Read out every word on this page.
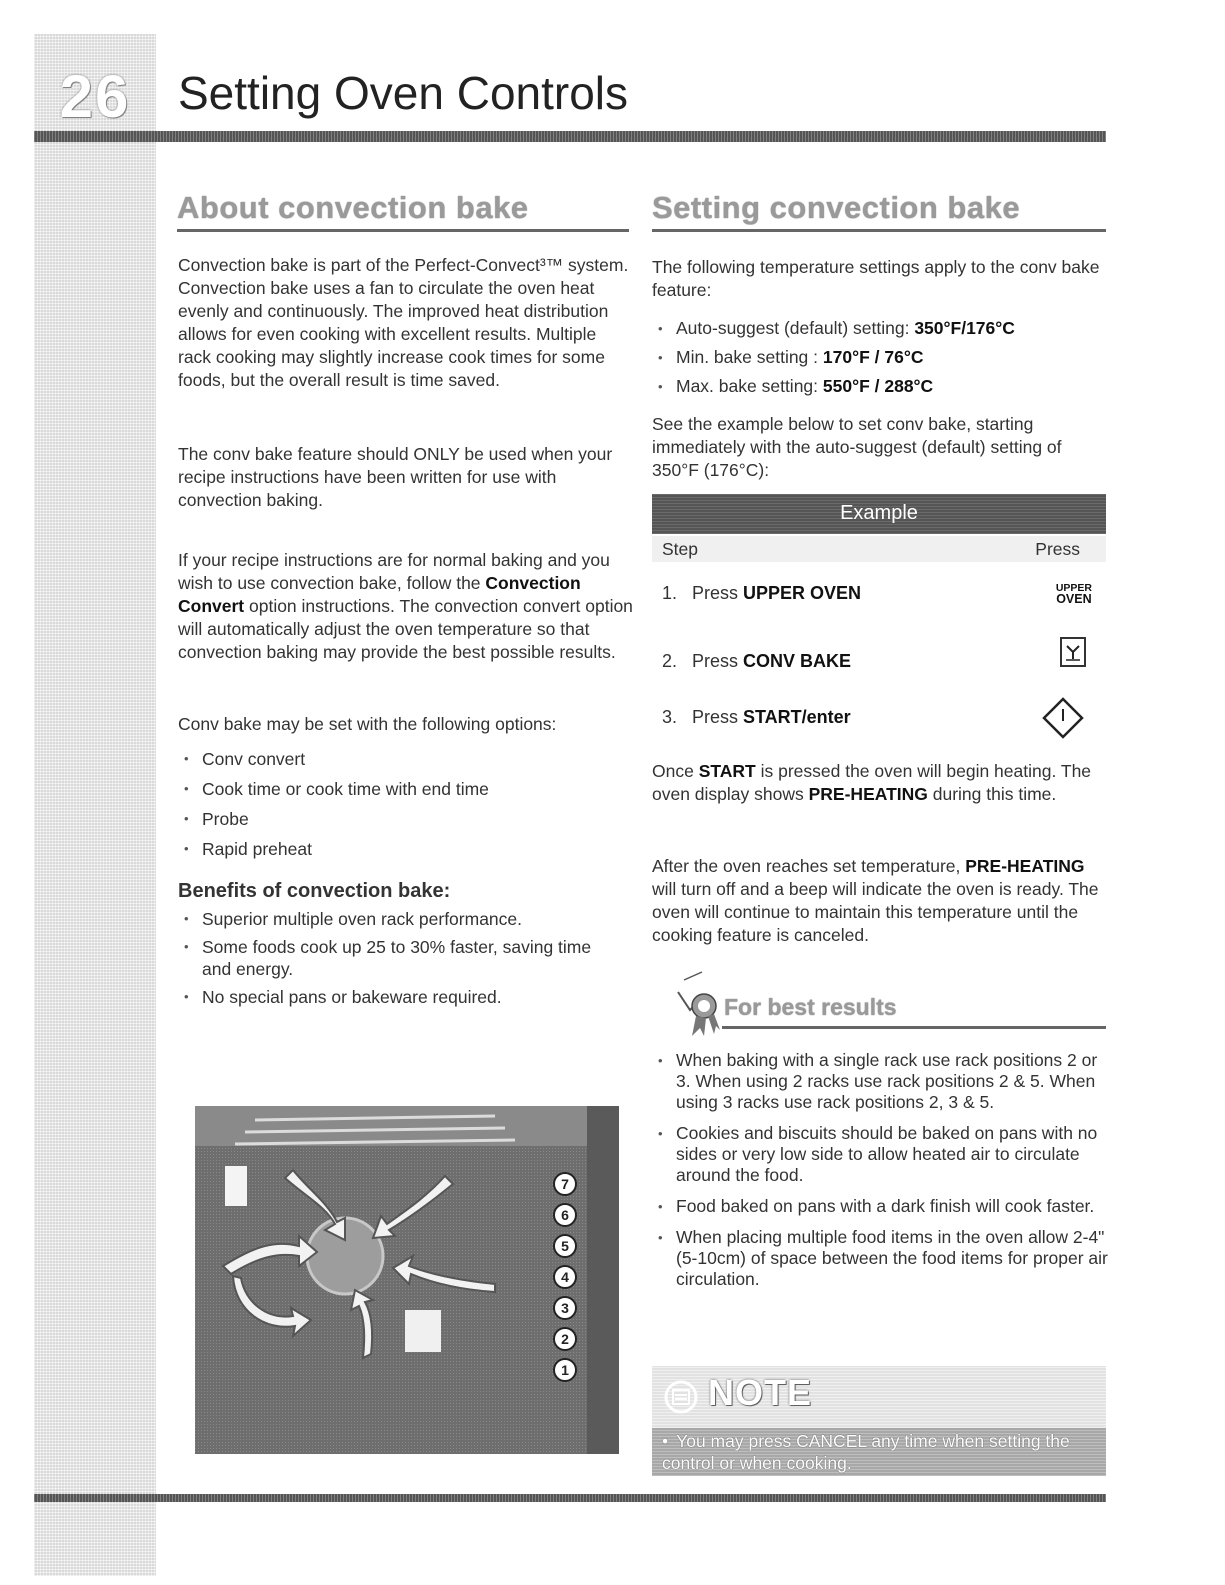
26	Setting Oven Controls
About convection bake

Convection bake is part of the Perfect-Convect³™ system. Convection bake uses a fan to circulate the oven heat evenly and continuously. The improved heat distribution allows for even cooking with excellent results. Multiple rack cooking may slightly increase cook times for some foods, but the overall result is time saved.

The conv bake feature should ONLY be used when your recipe instructions have been written for use with convection baking.

If your recipe instructions are for normal baking and you wish to use convection bake, follow the Convection Convert option instructions. The convection convert option will automatically adjust the oven temperature so that convection baking may provide the best possible results.

Conv bake may be set with the following options:

• Conv convert
• Cook time or cook time with end time
• Probe
• Rapid preheat
Benefits of convection bake:
• Superior multiple oven rack performance.
• Some foods cook up 25 to 30% faster, saving time and energy.
• No special pans or bakeware required.
7
6
5
4
3
2
1
Setting convection bake

The following temperature settings apply to the conv bake feature:

• Auto-suggest (default) setting: 350°F/176°C
• Min. bake setting : 170°F / 76°C
• Max. bake setting: 550°F / 288°C

See the example below to set conv bake, starting immediately with the auto-suggest (default) setting of 350°F (176°C):

Example
Step	Press
1. Press UPPER OVEN	UPPER
OVEN
2. Press CONV BAKE
3. Press START/enter

Once START is pressed the oven will begin heating. The oven display shows PRE-HEATING during this time.

After the oven reaches set temperature, PRE-HEATING will turn off and a beep will indicate the oven is ready. The oven will continue to maintain this temperature until the cooking feature is canceled.

For best results
• When baking with a single rack use rack positions 2 or 3. When using 2 racks use rack positions 2 & 5. When using 3 racks use rack positions 2, 3 & 5.
• Cookies and biscuits should be baked on pans with no sides or very low side to allow heated air to circulate around the food.
• Food baked on pans with a dark finish will cook faster.
• When placing multiple food items in the oven allow 2-4" (5-10cm) of space between the food items for proper air circulation.
NOTE
• You may press CANCEL any time when setting the control or when cooking.
